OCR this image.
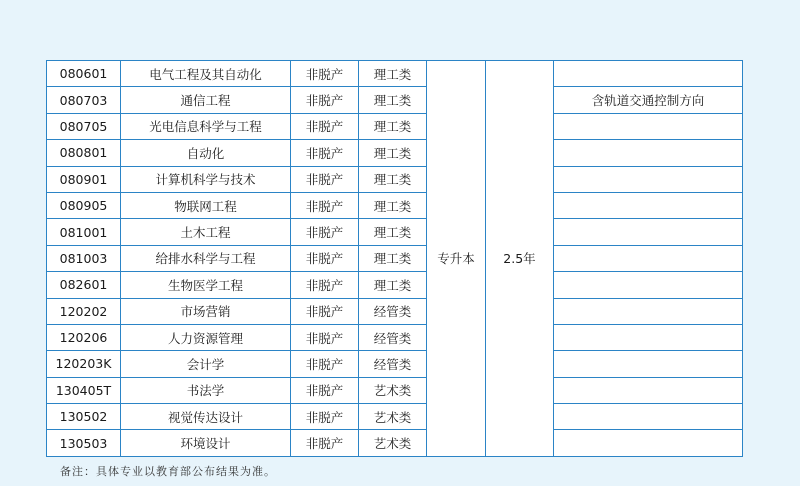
080601	电气工程及其自动化	非脱产	理工类	专升本	2.5年	
080703	通信工程	非脱产	理工类			含轨道交通控制方向
080705	光电信息科学与工程	非脱产	理工类			
080801	自动化	非脱产	理工类			
080901	计算机科学与技术	非脱产	理工类			
080905	物联网工程	非脱产	理工类			
081001	土木工程	非脱产	理工类			
081003	给排水科学与工程	非脱产	理工类			
082601	生物医学工程	非脱产	理工类			
120202	市场营销	非脱产	经管类			
120206	人力资源管理	非脱产	经管类			
120203K	会计学	非脱产	经管类			
130405T	书法学	非脱产	艺术类			
130502	视觉传达设计	非脱产	艺术类			
130503	环境设计	非脱产	艺术类			
备注：具体专业以教育部公布结果为准。
